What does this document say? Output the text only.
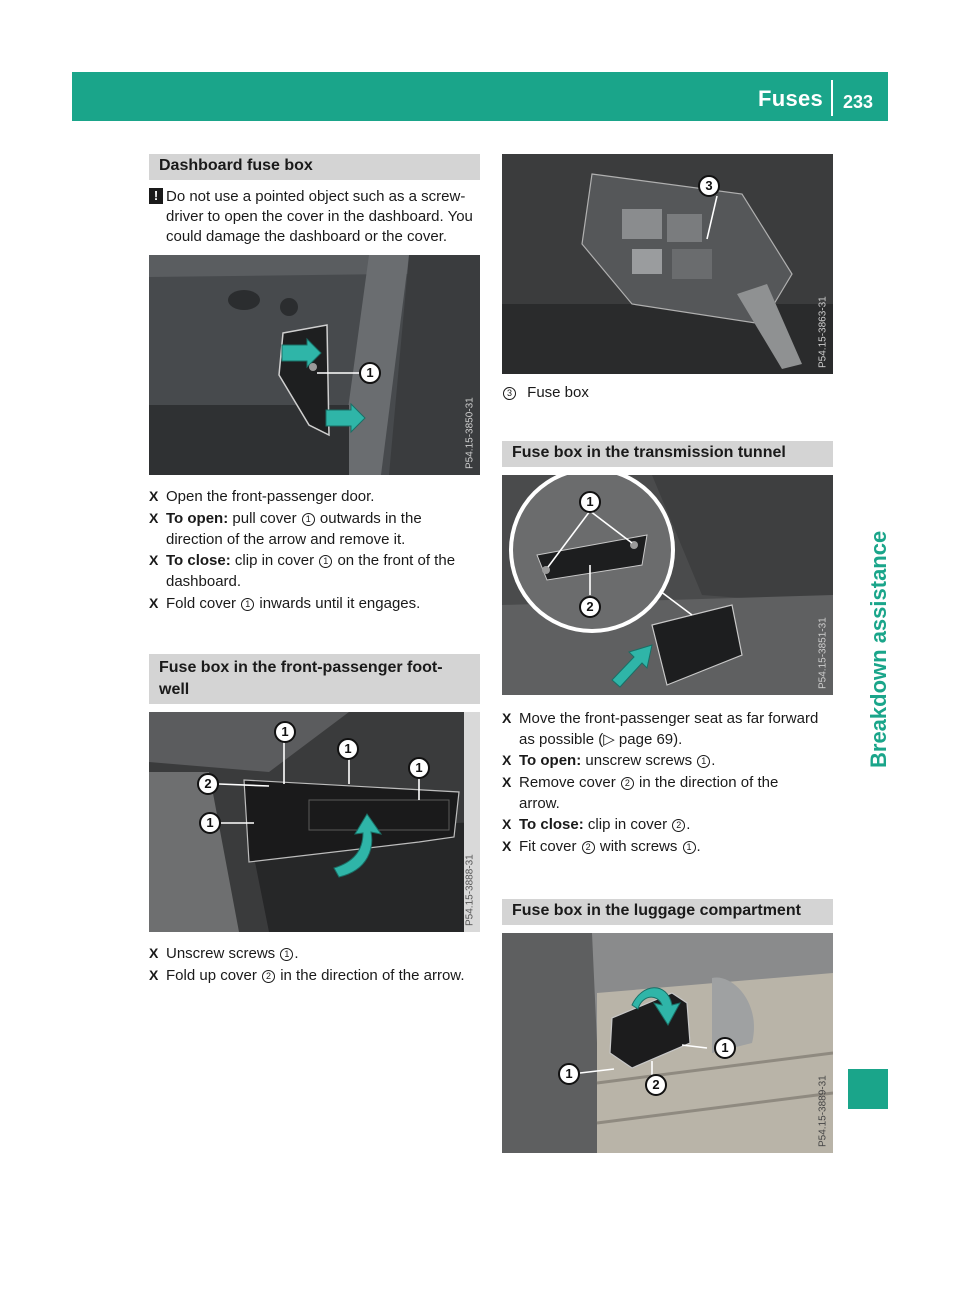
Fuses 233
Breakdown assistance
Dashboard fuse box
! Do not use a pointed object such as a screw-driver to open the cover in the dashboard. You could damage the dashboard or the cover.
1
P54.15-3850-31
X Open the front-passenger door.
X To open: pull cover 1 outwards in the direction of the arrow and remove it.
X To close: clip in cover 1 on the front of the dashboard.
X Fold cover 1 inwards until it engages.
Fuse box in the front-passenger foot-
well
1
1
2
1
1
P54.15-3888-31
X Unscrew screws 1 .
X Fold up cover 2 in the direction of the arrow.
3
P54.15-3863-31
3 Fuse box
Fuse box in the transmission tunnel
1
2
P54.15-3851-31
X Move the front-passenger seat as far forward as possible (▷ page 69).
X To open: unscrew screws 1 .
X Remove cover 2 in the direction of the arrow.
X To close: clip in cover 2 .
X Fit cover 2 with screws 1 .
Fuse box in the luggage compartment
1
1
2	P54.15-3889-31
